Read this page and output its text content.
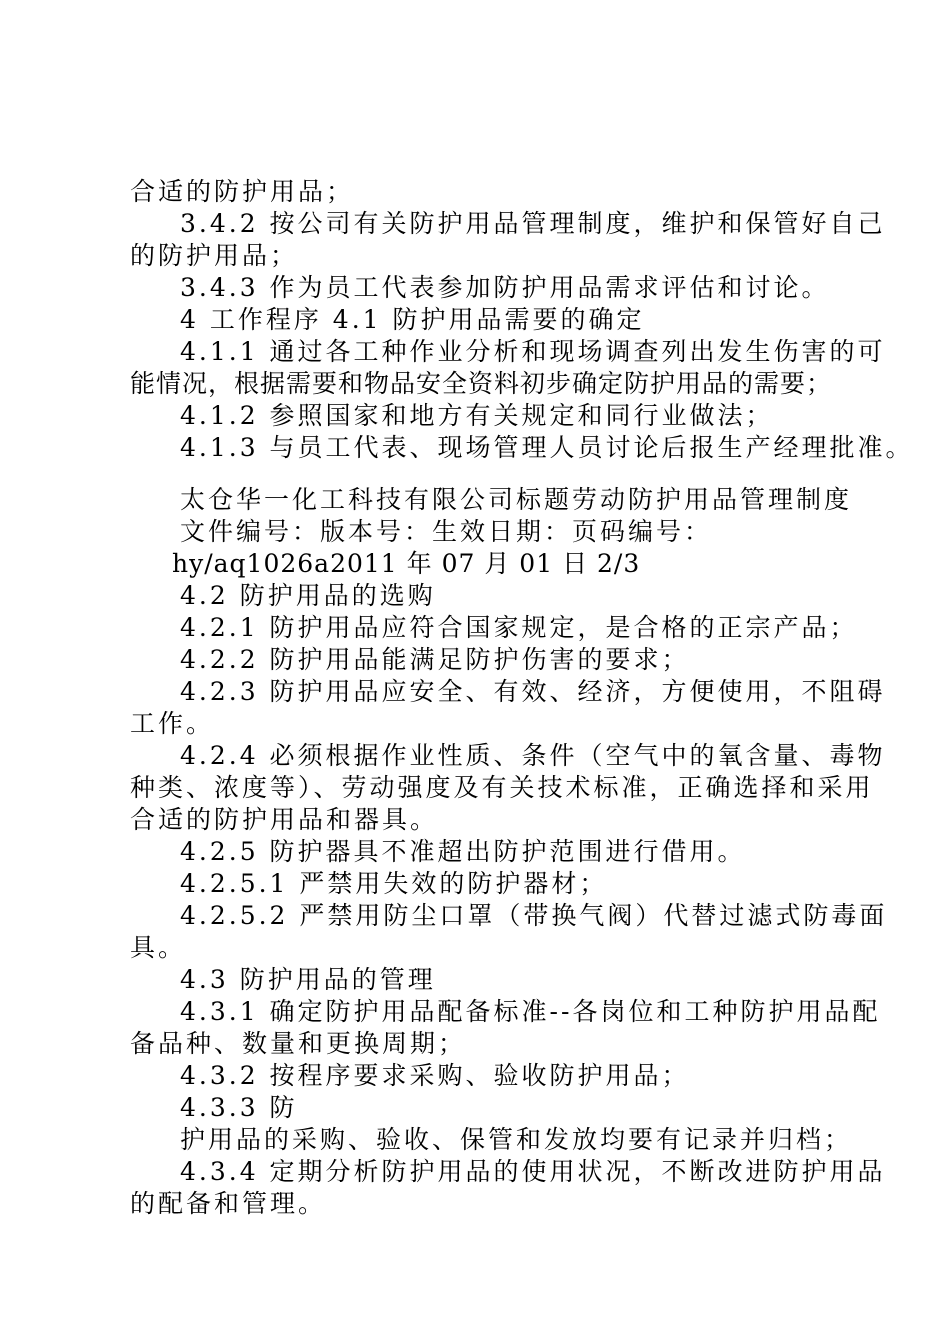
合适的防护用品；
3.4.2 按公司有关防护用品管理制度，维护和保管好自己
的防护用品；
3.4.3 作为员工代表参加防护用品需求评估和讨论。
4 工作程序 4.1 防护用品需要的确定
4.1.1 通过各工种作业分析和现场调查列出发生伤害的可
能情况，根据需要和物品安全资料初步确定防护用品的需要；
4.1.2 参照国家和地方有关规定和同行业做法；
4.1.3 与员工代表、现场管理人员讨论后报生产经理批准。
太仓华一化工科技有限公司标题劳动防护用品管理制度
文件编号：版本号：生效日期：页码编号：
hy/aq1026a2011 年 07 月 01 日 2/3
4.2 防护用品的选购
4.2.1 防护用品应符合国家规定，是合格的正宗产品；
4.2.2 防护用品能满足防护伤害的要求；
4.2.3 防护用品应安全、有效、经济，方便使用，不阻碍
工作。
4.2.4 必须根据作业性质、条件（空气中的氧含量、毒物
种类、浓度等）、劳动强度及有关技术标准，正确选择和采用
合适的防护用品和器具。
4.2.5 防护器具不准超出防护范围进行借用。
4.2.5.1 严禁用失效的防护器材；
4.2.5.2 严禁用防尘口罩（带换气阀）代替过滤式防毒面
具。
4.3 防护用品的管理
4.3.1 确定防护用品配备标准--各岗位和工种防护用品配
备品种、数量和更换周期；
4.3.2 按程序要求采购、验收防护用品；
4.3.3 防
护用品的采购、验收、保管和发放均要有记录并归档；
4.3.4 定期分析防护用品的使用状况，不断改进防护用品
的配备和管理。
